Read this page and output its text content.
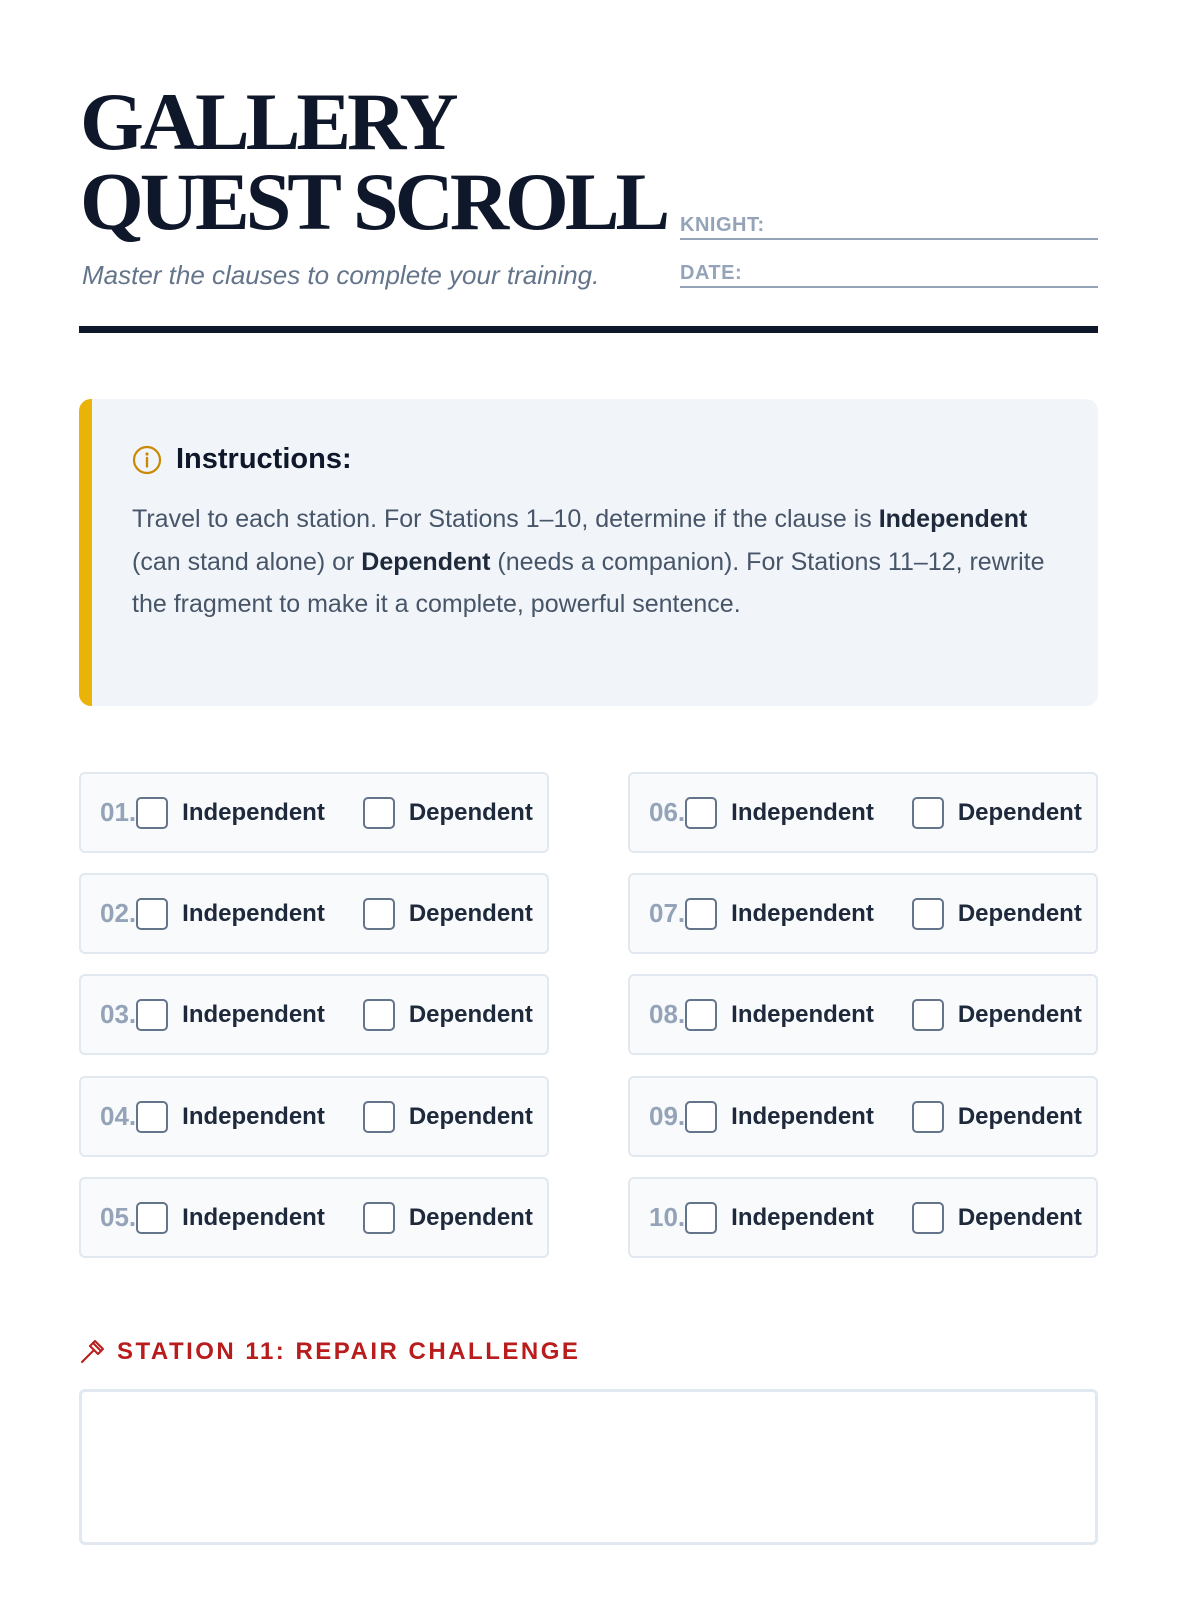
GALLERY QUEST SCROLL
Master the clauses to complete your training.
KNIGHT:
DATE:
Instructions:

Travel to each station. For Stations 1–10, determine if the clause is Independent (can stand alone) or Dependent (needs a companion). For Stations 11–12, rewrite the fragment to make it a complete, powerful sentence.

01. Independent	Dependent
02. Independent	Dependent
03. Independent	Dependent
04. Independent	Dependent
05. Independent	Dependent
06. Independent	Dependent
07. Independent	Dependent
08. Independent	Dependent
09. Independent	Dependent
10. Independent	Dependent
STATION 11: REPAIR CHALLENGE
